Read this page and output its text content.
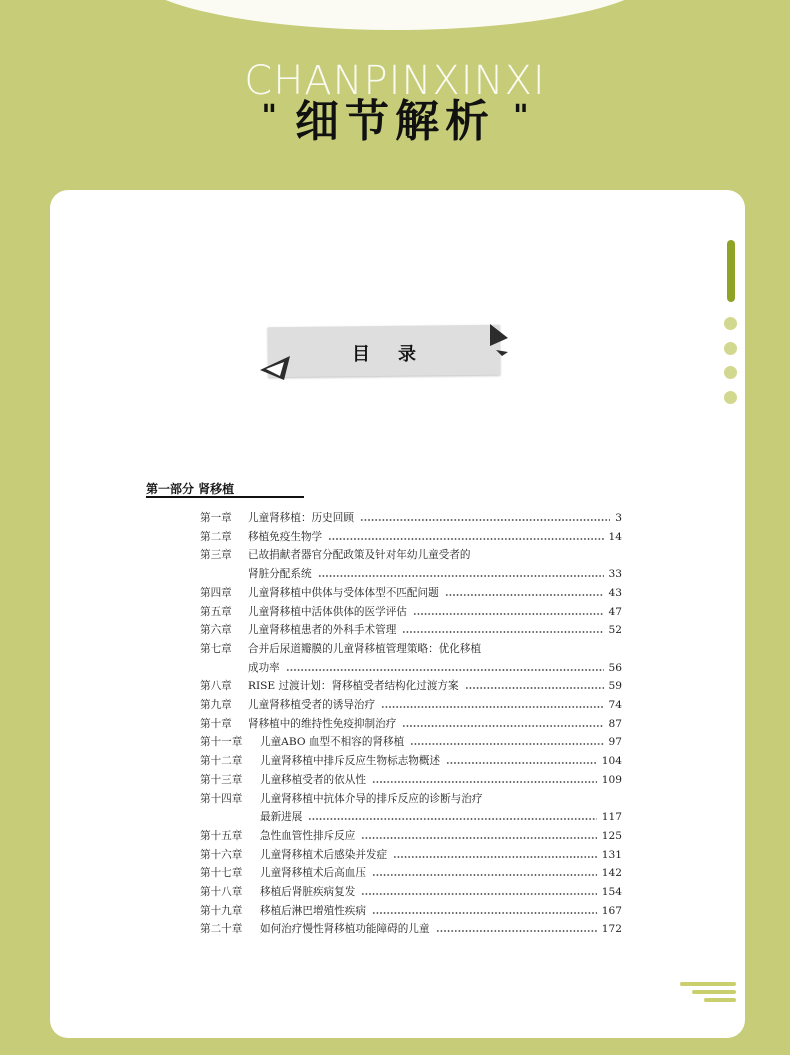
CHANPINXINXI
" 细节解析 "
目录
第一部分 肾移植
第一章 儿童肾移植：历史回顾	3
第二章 移植免疫生物学	14
第三章 已故捐献者器官分配政策及针对年幼儿童受者的
肾脏分配系统	33
第四章 儿童肾移植中供体与受体体型不匹配问题	43
第五章 儿童肾移植中活体供体的医学评估	47
第六章 儿童肾移植患者的外科手术管理	52
第七章 合并后尿道瓣膜的儿童肾移植管理策略：优化移植
成功率	56
第八章 RISE 过渡计划：肾移植受者结构化过渡方案	59
第九章 儿童肾移植受者的诱导治疗	74
第十章 肾移植中的维持性免疫抑制治疗	87
第十一章 儿童ABO 血型不相容的肾移植	97
第十二章 儿童肾移植中排斥反应生物标志物概述	104
第十三章 儿童移植受者的依从性	109
第十四章 儿童肾移植中抗体介导的排斥反应的诊断与治疗
最新进展	117
第十五章 急性血管性排斥反应	125
第十六章 儿童肾移植术后感染并发症	131
第十七章 儿童肾移植术后高血压	142
第十八章 移植后肾脏疾病复发	154
第十九章 移植后淋巴增殖性疾病	167
第二十章 如何治疗慢性肾移植功能障碍的儿童	172
